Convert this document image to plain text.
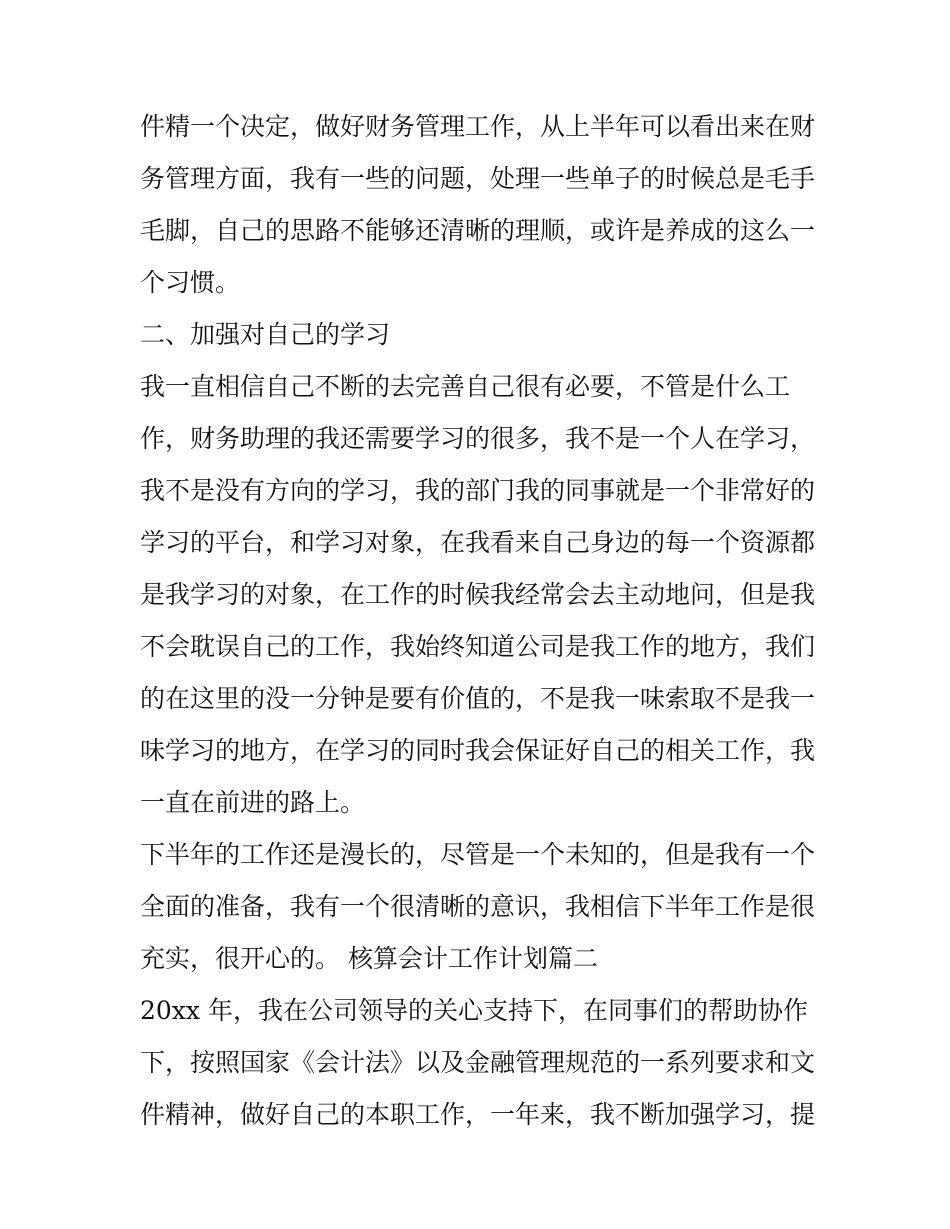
件精一个决定，做好财务管理工作，从上半年可以看出来在财
务管理方面，我有一些的问题，处理一些单子的时候总是毛手
毛脚，自己的思路不能够还清晰的理顺，或许是养成的这么一
个习惯。
二、加强对自己的学习
我一直相信自己不断的去完善自己很有必要，不管是什么工
作，财务助理的我还需要学习的很多，我不是一个人在学习，
我不是没有方向的学习，我的部门我的同事就是一个非常好的
学习的平台，和学习对象，在我看来自己身边的每一个资源都
是我学习的对象，在工作的时候我经常会去主动地问，但是我
不会耽误自己的工作，我始终知道公司是我工作的地方，我们
的在这里的没一分钟是要有价值的，不是我一味索取不是我一
味学习的地方，在学习的同时我会保证好自己的相关工作，我
一直在前进的路上。
下半年的工作还是漫长的，尽管是一个未知的，但是我有一个
全面的准备，我有一个很清晰的意识，我相信下半年工作是很
充实，很开心的。 核算会计工作计划篇二
20xx 年，我在公司领导的关心支持下，在同事们的帮助协作
下，按照国家《会计法》以及金融管理规范的一系列要求和文
件精神，做好自己的本职工作，一年来，我不断加强学习，提
